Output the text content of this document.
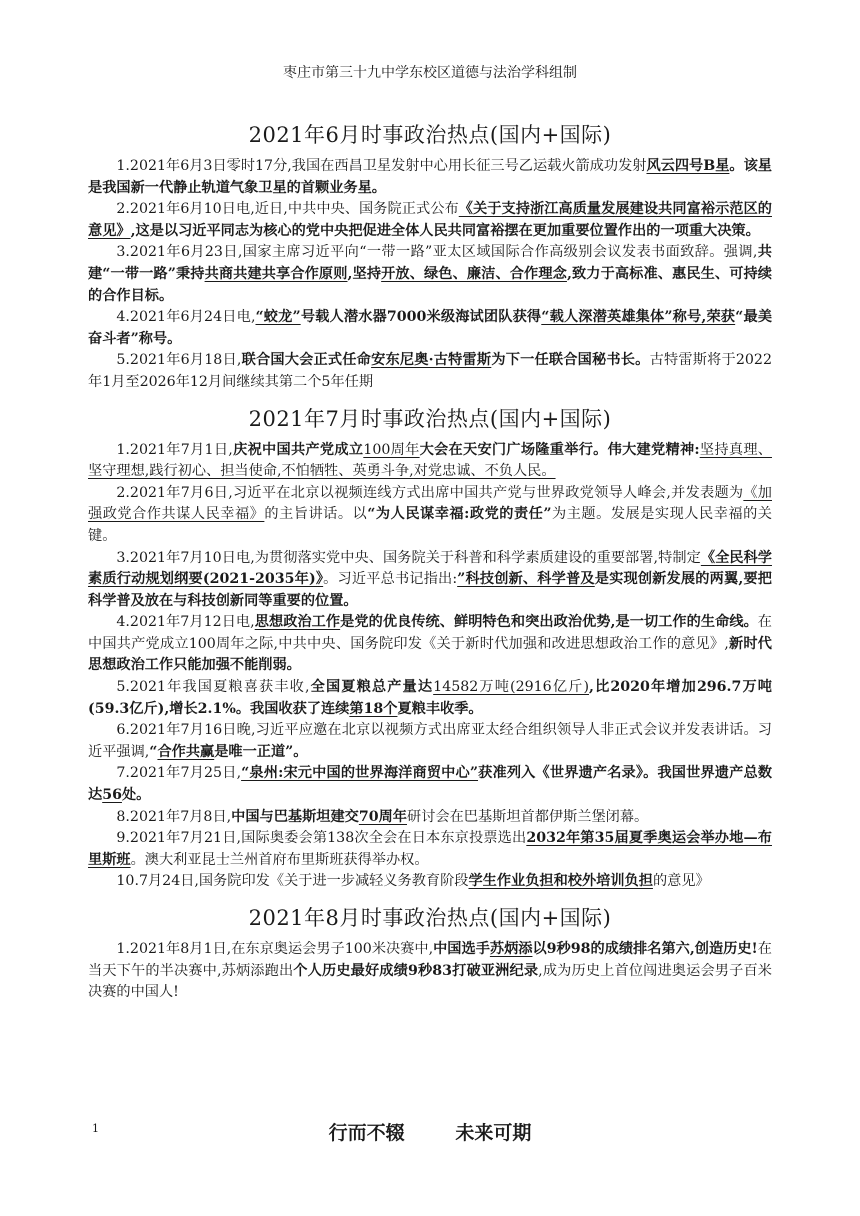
枣庄市第三十九中学东校区道德与法治学科组制
2021年6月时事政治热点(国内+国际)

1.2021年6月3日零时17分,我国在西昌卫星发射中心用长征三号乙运载火箭成功发射风云四号B星。该星是我国新一代静止轨道气象卫星的首颗业务星。

2.2021年6月10日电,近日,中共中央、国务院正式公布《关于支持浙江高质量发展建设共同富裕示范区的意见》,这是以习近平同志为核心的党中央把促进全体人民共同富裕摆在更加重要位置作出的一项重大决策。

3.2021年6月23日,国家主席习近平向“一带一路”亚太区域国际合作高级别会议发表书面致辞。强调,共建“一带一路”秉持共商共建共享合作原则,坚持开放、绿色、廉洁、合作理念,致力于高标准、惠民生、可持续的合作目标。

4.2021年6月24日电,“蛟龙”号载人潜水器7000米级海试团队获得“载人深潜英雄集体”称号,荣获“最美奋斗者”称号。

5.2021年6月18日,联合国大会正式任命安东尼奥·古特雷斯为下一任联合国秘书长。古特雷斯将于2022年1月至2026年12月间继续其第二个5年任期

2021年7月时事政治热点(国内+国际)

1.2021年7月1日,庆祝中国共产党成立100周年大会在天安门广场隆重举行。伟大建党精神:坚持真理、坚守理想,践行初心、担当使命,不怕牺牲、英勇斗争,对党忠诚、不负人民。

2.2021年7月6日,习近平在北京以视频连线方式出席中国共产党与世界政党领导人峰会,并发表题为《加强政党合作共谋人民幸福》的主旨讲话。以“为人民谋幸福:政党的责任”为主题。发展是实现人民幸福的关键。

3.2021年7月10日电,为贯彻落实党中央、国务院关于科普和科学素质建设的重要部署,特制定《全民科学素质行动规划纲要(2021-2035年)》。习近平总书记指出:”科技创新、科学普及是实现创新发展的两翼,要把科学普及放在与科技创新同等重要的位置。

4.2021年7月12日电,思想政治工作是党的优良传统、鲜明特色和突出政治优势,是一切工作的生命线。在中国共产党成立100周年之际,中共中央、国务院印发《关于新时代加强和改进思想政治工作的意见》,新时代思想政治工作只能加强不能削弱。

5.2021年我国夏粮喜获丰收,全国夏粮总产量达14582万吨(2916亿斤),比2020年增加296.7万吨(59.3亿斤),增长2.1%。我国收获了连续第18个夏粮丰收季。

6.2021年7月16日晚,习近平应邀在北京以视频方式出席亚太经合组织领导人非正式会议并发表讲话。习近平强调,“合作共赢是唯一正道”。

7.2021年7月25日,“泉州:宋元中国的世界海洋商贸中心”获准列入《世界遗产名录》。我国世界遗产总数达56处。

8.2021年7月8日,中国与巴基斯坦建交70周年研讨会在巴基斯坦首都伊斯兰堡闭幕。

9.2021年7月21日,国际奥委会第138次全会在日本东京投票选出2032年第35届夏季奥运会举办地—布里斯班。澳大利亚昆士兰州首府布里斯班获得举办权。

10.7月24日,国务院印发《关于进一步减轻义务教育阶段学生作业负担和校外培训负担的意见》

2021年8月时事政治热点(国内+国际)

1.2021年8月1日,在东京奥运会男子100米决赛中,中国选手苏炳添以9秒98的成绩排名第六,创造历史!在当天下午的半决赛中,苏炳添跑出个人历史最好成绩9秒83打破亚洲纪录,成为历史上首位闯进奥运会男子百米决赛的中国人!

1	行而不辍	未来可期
